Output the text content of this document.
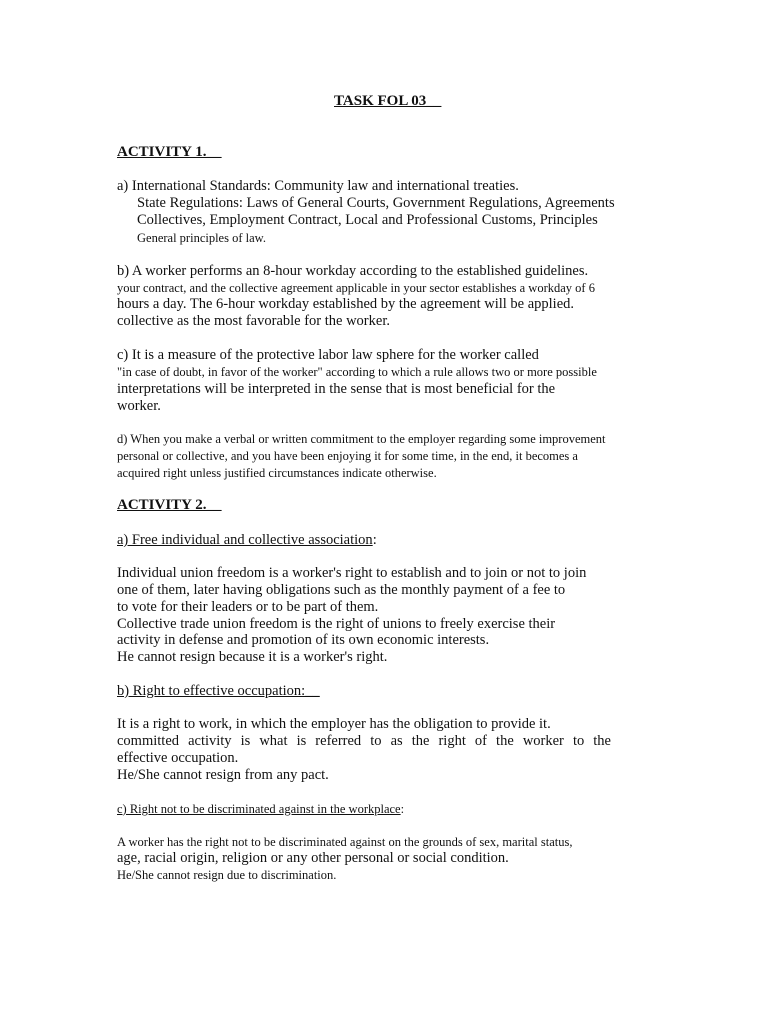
TASK FOL 03__
ACTIVITY 1.__
a) International Standards: Community law and international treaties.
State Regulations: Laws of General Courts, Government Regulations, Agreements
Collectives, Employment Contract, Local and Professional Customs, Principles
General principles of law.
b) A worker performs an 8-hour workday according to the established guidelines.
your contract, and the collective agreement applicable in your sector establishes a workday of 6
hours a day. The 6-hour workday established by the agreement will be applied.
collective as the most favorable for the worker.
c) It is a measure of the protective labor law sphere for the worker called
"in case of doubt, in favor of the worker" according to which a rule allows two or more possible
interpretations will be interpreted in the sense that is most beneficial for the
worker.
d) When you make a verbal or written commitment to the employer regarding some improvement
personal or collective, and you have been enjoying it for some time, in the end, it becomes a
acquired right unless justified circumstances indicate otherwise.
ACTIVITY 2.__
a) Free individual and collective association:
Individual union freedom is a worker's right to establish and to join or not to join
one of them, later having obligations such as the monthly payment of a fee to
to vote for their leaders or to be part of them.
Collective trade union freedom is the right of unions to freely exercise their
activity in defense and promotion of its own economic interests.
He cannot resign because it is a worker's right.
b) Right to effective occupation:__
It is a right to work, in which the employer has the obligation to provide it.
committed activity is what is referred to as the right of the worker to the
effective occupation.
He/She cannot resign from any pact.
c) Right not to be discriminated against in the workplace:
A worker has the right not to be discriminated against on the grounds of sex, marital status,
age, racial origin, religion or any other personal or social condition.
He/She cannot resign due to discrimination.
